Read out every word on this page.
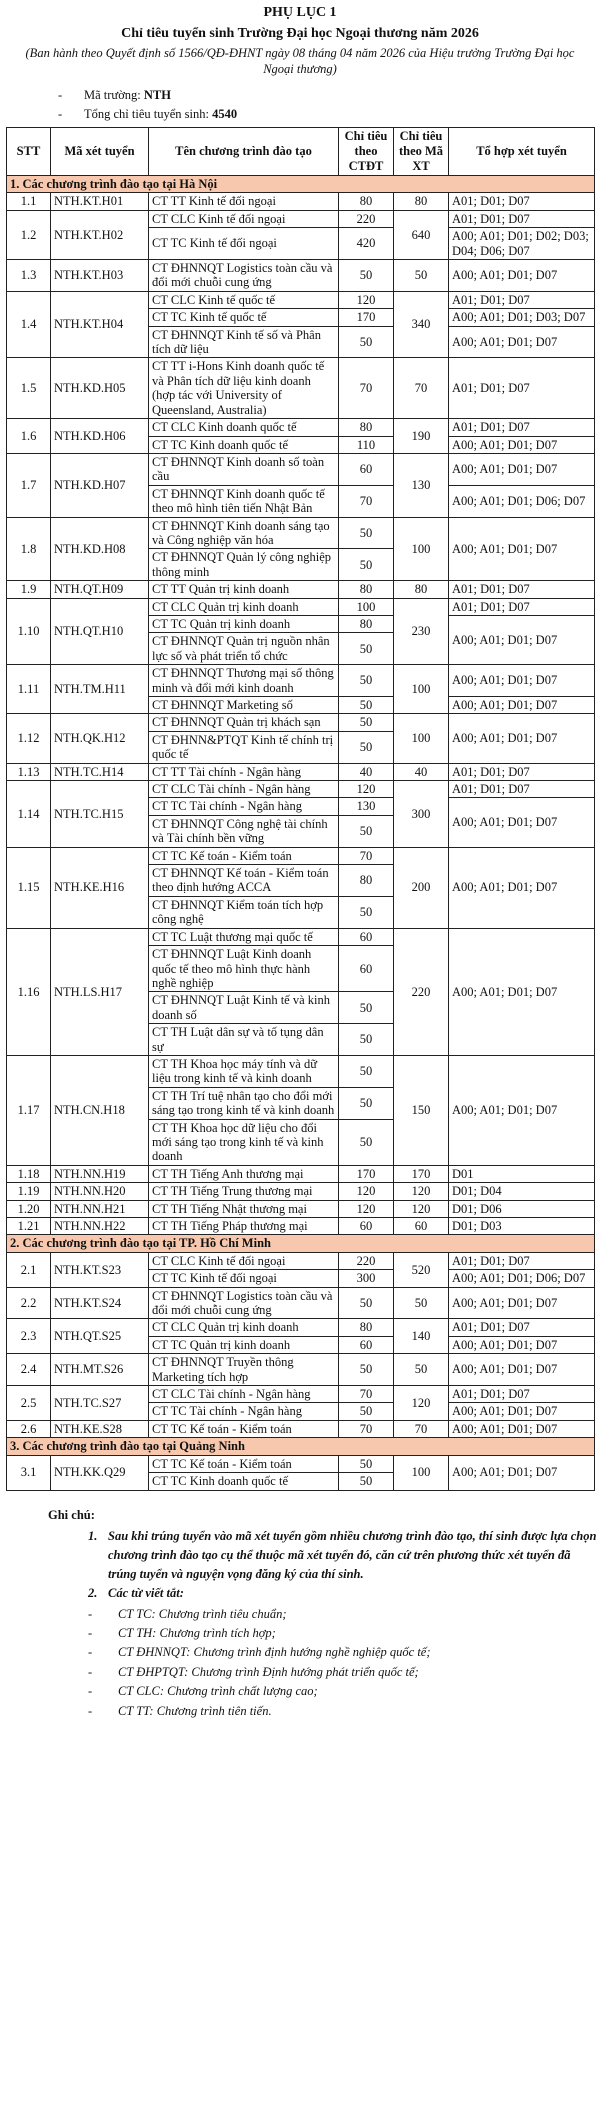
PHỤ LỤC 1
Chỉ tiêu tuyển sinh Trường Đại học Ngoại thương năm 2026
(Ban hành theo Quyết định số 1566/QĐ-ĐHNT ngày 08 tháng 04 năm 2026 của Hiệu trưởng Trường Đại học Ngoại thương)
- Mã trường: NTH
- Tổng chỉ tiêu tuyển sinh: 4540
STT	Mã xét tuyển	Tên chương trình đào tạo	Chỉ tiêu theo CTĐT	Chỉ tiêu theo Mã XT	Tổ hợp xét tuyển
1. Các chương trình đào tạo tại Hà Nội					
1.1	NTH.KT.H01	CT TT Kinh tế đối ngoại	80	80	A01; D01; D07
1.2	NTH.KT.H02	CT CLC Kinh tế đối ngoại	220	640	A01; D01; D07
		CT TC Kinh tế đối ngoại	420		A00; A01; D01; D02; D03; D04; D06; D07
1.3	NTH.KT.H03	CT ĐHNNQT Logistics toàn cầu và đổi mới chuỗi cung ứng	50	50	A00; A01; D01; D07
1.4	NTH.KT.H04	CT CLC Kinh tế quốc tế	120	340	A01; D01; D07
		CT TC Kinh tế quốc tế	170		A00; A01; D01; D03; D07
		CT ĐHNNQT Kinh tế số và Phân tích dữ liệu	50		A00; A01; D01; D07
1.5	NTH.KD.H05	CT TT i-Hons Kinh doanh quốc tế và Phân tích dữ liệu kinh doanh (hợp tác với University of Queensland, Australia)	70	70	A01; D01; D07
1.6	NTH.KD.H06	CT CLC Kinh doanh quốc tế	80	190	A01; D01; D07
		CT TC Kinh doanh quốc tế	110		A00; A01; D01; D07
1.7	NTH.KD.H07	CT ĐHNNQT Kinh doanh số toàn cầu	60	130	A00; A01; D01; D07
		CT ĐHNNQT Kinh doanh quốc tế theo mô hình tiên tiến Nhật Bản	70		A00; A01; D01; D06; D07
1.8	NTH.KD.H08	CT ĐHNNQT Kinh doanh sáng tạo và Công nghiệp văn hóa	50	100	A00; A01; D01; D07
		CT ĐHNNQT Quản lý công nghiệp thông minh	50		
1.9	NTH.QT.H09	CT TT Quản trị kinh doanh	80	80	A01; D01; D07
1.10	NTH.QT.H10	CT CLC Quản trị kinh doanh	100	230	A01; D01; D07
		CT TC Quản trị kinh doanh	80		A00; A01; D01; D07
		CT ĐHNNQT Quản trị nguồn nhân lực số và phát triển tổ chức	50		
1.11	NTH.TM.H11	CT ĐHNNQT Thương mại số thông minh và đổi mới kinh doanh	50	100	A00; A01; D01; D07
		CT ĐHNNQT Marketing số	50		A00; A01; D01; D07
1.12	NTH.QK.H12	CT ĐHNNQT Quản trị khách sạn	50	100	A00; A01; D01; D07
		CT ĐHNN&PTQT Kinh tế chính trị quốc tế	50		
1.13	NTH.TC.H14	CT TT Tài chính - Ngân hàng	40	40	A01; D01; D07
1.14	NTH.TC.H15	CT CLC Tài chính - Ngân hàng	120	300	A01; D01; D07
		CT TC Tài chính - Ngân hàng	130		A00; A01; D01; D07
		CT ĐHNNQT Công nghệ tài chính và Tài chính bền vững	50		
1.15	NTH.KE.H16	CT TC Kế toán - Kiểm toán	70	200	A00; A01; D01; D07
		CT ĐHNNQT Kế toán - Kiểm toán theo định hướng ACCA	80		
		CT ĐHNNQT Kiểm toán tích hợp công nghệ	50		
1.16	NTH.LS.H17	CT TC Luật thương mại quốc tế	60	220	A00; A01; D01; D07
		CT ĐHNNQT Luật Kinh doanh quốc tế theo mô hình thực hành nghề nghiệp	60		
		CT ĐHNNQT Luật Kinh tế và kinh doanh số	50		
		CT TH Luật dân sự và tố tụng dân sự	50		
1.17	NTH.CN.H18	CT TH Khoa học máy tính và dữ liệu trong kinh tế và kinh doanh	50	150	A00; A01; D01; D07
		CT TH Trí tuệ nhân tạo cho đổi mới sáng tạo trong kinh tế và kinh doanh	50		
		CT TH Khoa học dữ liệu cho đổi mới sáng tạo trong kinh tế và kinh doanh	50		
1.18	NTH.NN.H19	CT TH Tiếng Anh thương mại	170	170	D01
1.19	NTH.NN.H20	CT TH Tiếng Trung thương mại	120	120	D01; D04
1.20	NTH.NN.H21	CT TH Tiếng Nhật thương mại	120	120	D01; D06
1.21	NTH.NN.H22	CT TH Tiếng Pháp thương mại	60	60	D01; D03
2. Các chương trình đào tạo tại TP. Hồ Chí Minh					
2.1	NTH.KT.S23	CT CLC Kinh tế đối ngoại	220	520	A01; D01; D07
		CT TC Kinh tế đối ngoại	300		A00; A01; D01; D06; D07
2.2	NTH.KT.S24	CT ĐHNNQT Logistics toàn cầu và đổi mới chuỗi cung ứng	50	50	A00; A01; D01; D07
2.3	NTH.QT.S25	CT CLC Quản trị kinh doanh	80	140	A01; D01; D07
		CT TC Quản trị kinh doanh	60		A00; A01; D01; D07
2.4	NTH.MT.S26	CT ĐHNNQT Truyền thông Marketing tích hợp	50	50	A00; A01; D01; D07
2.5	NTH.TC.S27	CT CLC Tài chính - Ngân hàng	70	120	A01; D01; D07
		CT TC Tài chính - Ngân hàng	50		A00; A01; D01; D07
2.6	NTH.KE.S28	CT TC Kế toán - Kiểm toán	70	70	A00; A01; D01; D07
3. Các chương trình đào tạo tại Quảng Ninh					
3.1	NTH.KK.Q29	CT TC Kế toán - Kiểm toán	50	100	A00; A01; D01; D07
		CT TC Kinh doanh quốc tế	50		
Ghi chú:
1. Sau khi trúng tuyển vào mã xét tuyển gồm nhiều chương trình đào tạo, thí sinh được lựa chọn chương trình đào tạo cụ thể thuộc mã xét tuyển đó, căn cứ trên phương thức xét tuyển đã trúng tuyển và nguyện vọng đăng ký của thí sinh.
2. Các từ viết tắt:
-	CT TC: Chương trình tiêu chuẩn;
-	CT TH: Chương trình tích hợp;
-	CT ĐHNNQT: Chương trình định hướng nghề nghiệp quốc tế;
-	CT ĐHPTQT: Chương trình Định hướng phát triển quốc tế;
-	CT CLC: Chương trình chất lượng cao;
-	CT TT: Chương trình tiên tiến.
